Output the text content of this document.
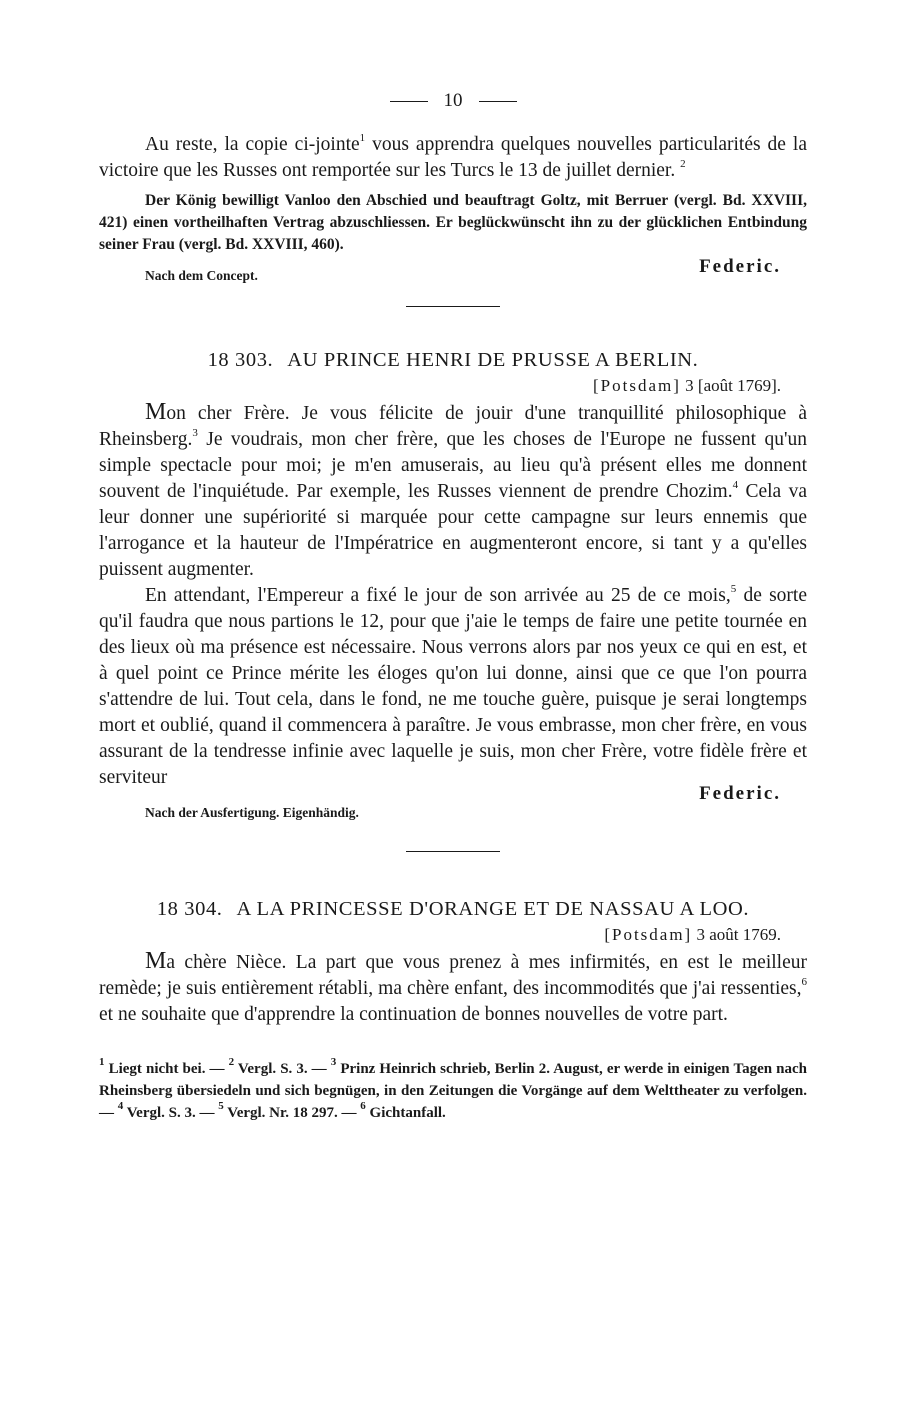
10

Au reste, la copie ci-jointe$^1$ vous apprendra quelques nouvelles particularités de la victoire que les Russes ont remportée sur les Turcs le 13 de juillet dernier. $^2$

Der König bewilligt Vanloo den Abschied und beauftragt Goltz, mit Berruer (vergl. Bd. XXVIII, 421) einen vortheilhaften Vertrag abzuschliessen. Er beglückwünscht ihn zu der glücklichen Entbindung seiner Frau (vergl. Bd. XXVIII, 460).

Nach dem Concept.	Federic.
18 303. AU PRINCE HENRI DE PRUSSE A BERLIN.
[Potsdam] 3 [août 1769].

Mon cher Frère. Je vous félicite de jouir d'une tranquillité philosophique à Rheinsberg.$^3$ Je voudrais, mon cher frère, que les choses de l'Europe ne fussent qu'un simple spectacle pour moi; je m'en amuserais, au lieu qu'à présent elles me donnent souvent de l'inquiétude. Par exemple, les Russes viennent de prendre Chozim.$^4$ Cela va leur donner une supériorité si marquée pour cette campagne sur leurs ennemis que l'arrogance et la hauteur de l'Impératrice en augmenteront encore, si tant y a qu'elles puissent augmenter.

En attendant, l'Empereur a fixé le jour de son arrivée au 25 de ce mois,$^5$ de sorte qu'il faudra que nous partions le 12, pour que j'aie le temps de faire une petite tournée en des lieux où ma présence est nécessaire. Nous verrons alors par nos yeux ce qui en est, et à quel point ce Prince mérite les éloges qu'on lui donne, ainsi que ce que l'on pourra s'attendre de lui. Tout cela, dans le fond, ne me touche guère, puisque je serai longtemps mort et oublié, quand il commencera à paraître. Je vous embrasse, mon cher frère, en vous assurant de la tendresse infinie avec laquelle je suis, mon cher Frère, votre fidèle frère et serviteur

Nach der Ausfertigung. Eigenhändig.
Federic.
18 304. A LA PRINCESSE D'ORANGE ET DE NASSAU A LOO.
[Potsdam] 3 août 1769.

Ma chère Nièce. La part que vous prenez à mes infirmités, en est le meilleur remède; je suis entièrement rétabli, ma chère enfant, des incommodités que j'ai ressenties,$^6$ et ne souhaite que d'apprendre la continuation de bonnes nouvelles de votre part.

$^1$ Liegt nicht bei. — $^2$ Vergl. S. 3. — $^3$ Prinz Heinrich schrieb, Berlin 2. August, er werde in einigen Tagen nach Rheinsberg übersiedeln und sich begnügen, in den Zeitungen die Vorgänge auf dem Welttheater zu verfolgen. — $^4$ Vergl. S. 3. — $^5$ Vergl. Nr. 18 297. — $^6$ Gichtanfall.
